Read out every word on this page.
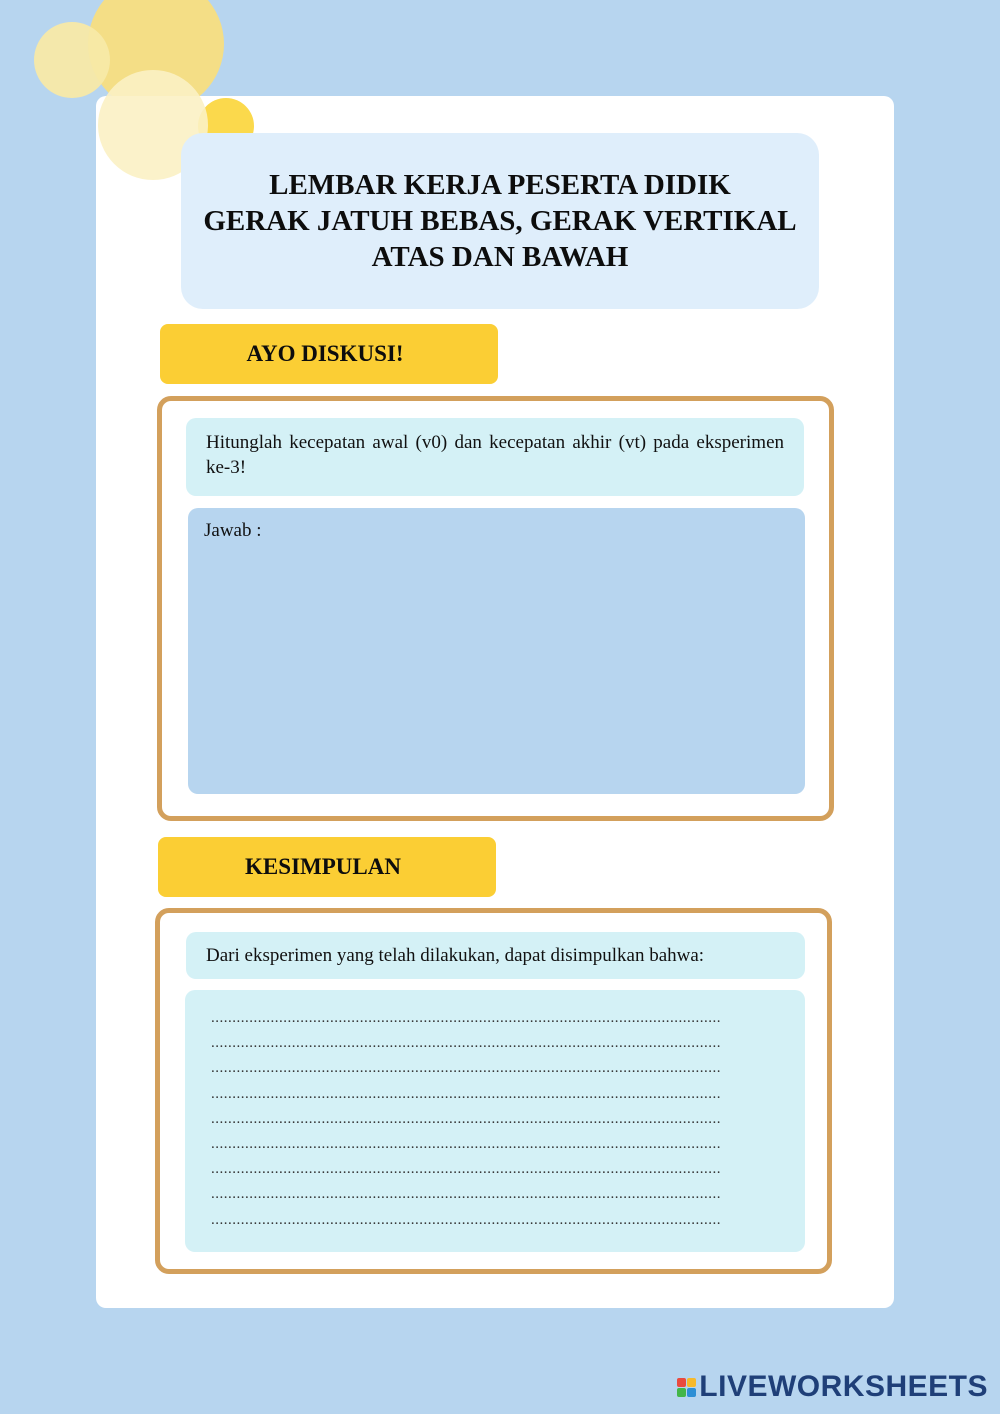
LEMBAR KERJA PESERTA DIDIK
GERAK JATUH BEBAS, GERAK VERTIKAL
ATAS DAN BAWAH
AYO DISKUSI!
Hitunglah kecepatan awal (v0) dan kecepatan akhir (vt) pada eksperimen ke-3!
Jawab :
KESIMPULAN
Dari eksperimen yang telah dilakukan, dapat disimpulkan bahwa:
........................................................................................................................
........................................................................................................................
........................................................................................................................
........................................................................................................................
........................................................................................................................
........................................................................................................................
........................................................................................................................
........................................................................................................................
........................................................................................................................
LIVEWORKSHEETS
